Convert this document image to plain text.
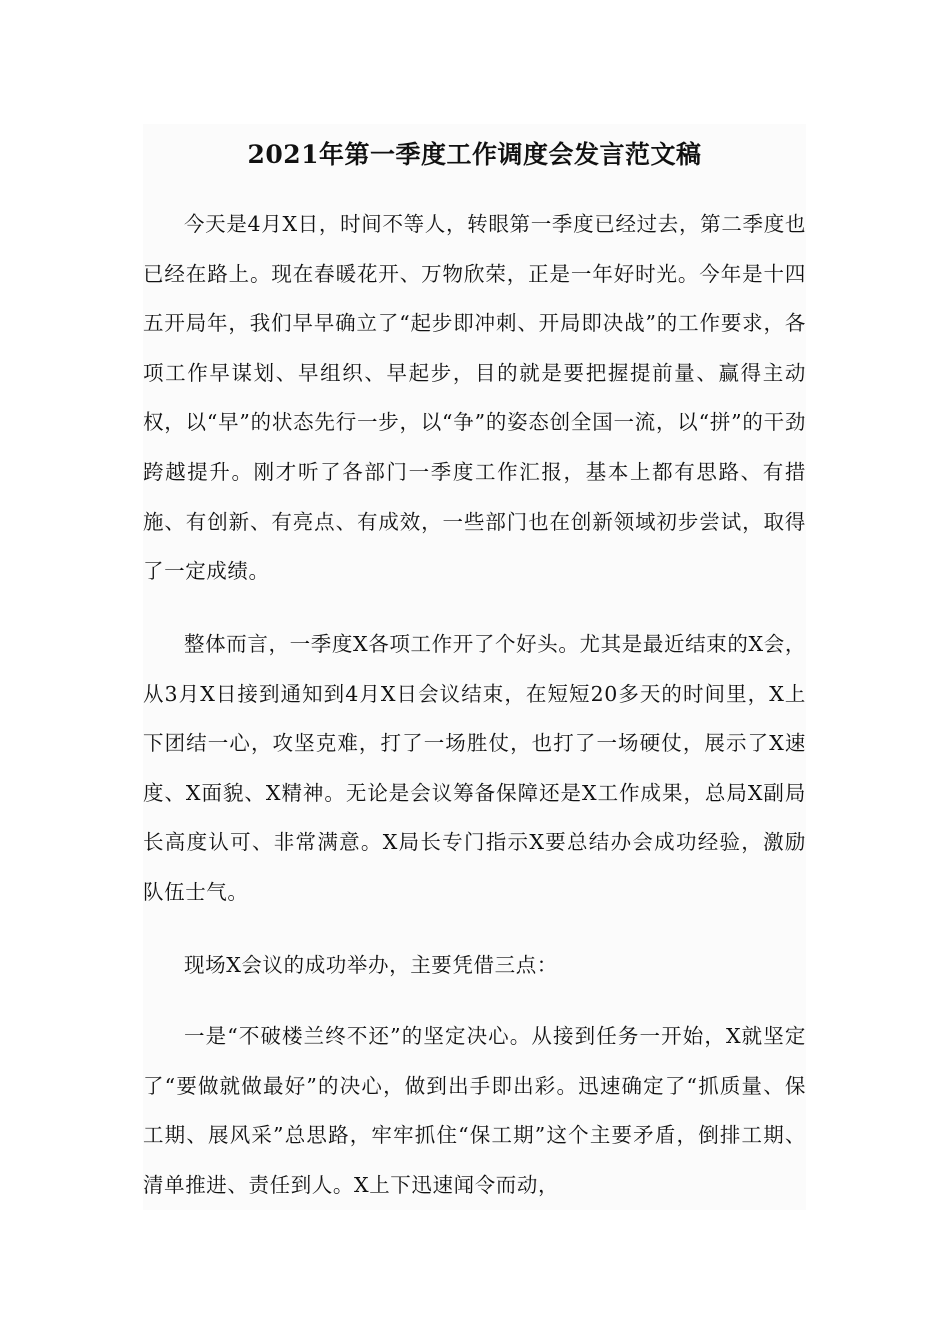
2021年第一季度工作调度会发言范文稿

今天是4月X日，时间不等人，转眼第一季度已经过去，第二季度也已经在路上。现在春暖花开、万物欣荣，正是一年好时光。今年是十四五开局年，我们早早确立了“起步即冲刺、开局即决战”的工作要求，各项工作早谋划、早组织、早起步，目的就是要把握提前量、赢得主动权，以“早”的状态先行一步，以“争”的姿态创全国一流，以“拼”的干劲跨越提升。刚才听了各部门一季度工作汇报，基本上都有思路、有措施、有创新、有亮点、有成效，一些部门也在创新领域初步尝试，取得了一定成绩。

整体而言，一季度X各项工作开了个好头。尤其是最近结束的X会，从3月X日接到通知到4月X日会议结束，在短短20多天的时间里，X上下团结一心，攻坚克难，打了一场胜仗，也打了一场硬仗，展示了X速度、X面貌、X精神。无论是会议筹备保障还是X工作成果，总局X副局长高度认可、非常满意。X局长专门指示X要总结办会成功经验，激励队伍士气。

现场X会议的成功举办，主要凭借三点：

一是“不破楼兰终不还”的坚定决心。从接到任务一开始，X就坚定了“要做就做最好”的决心，做到出手即出彩。迅速确定了“抓质量、保工期、展风采”总思路，牢牢抓住“保工期”这个主要矛盾，倒排工期、清单推进、责任到人。X上下迅速闻令而动，
